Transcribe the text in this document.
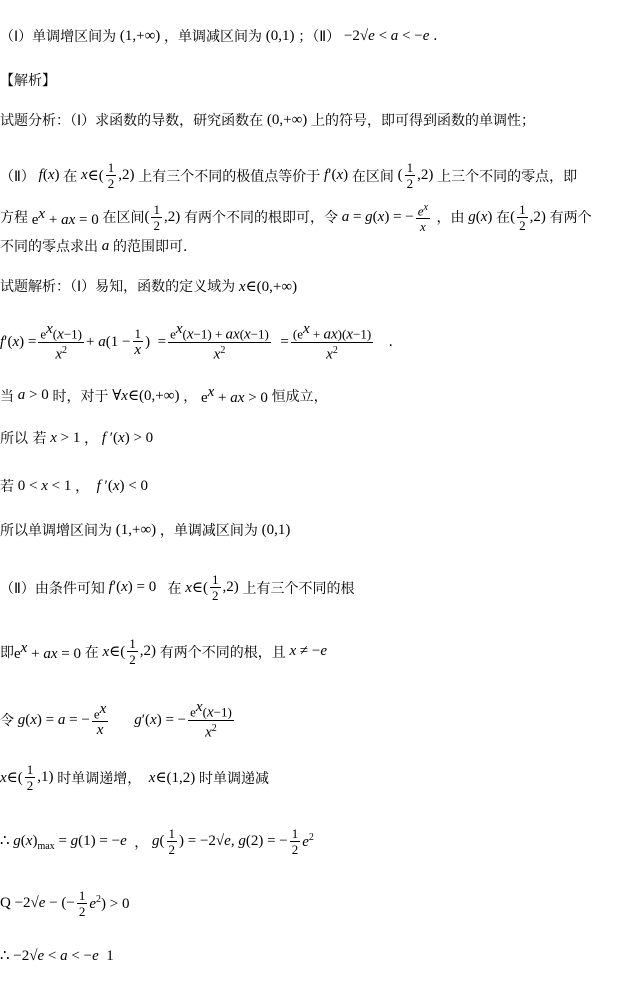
（Ⅰ）单调增区间为 (1,+∞) ，单调减区间为 (0,1) ；（Ⅱ） −2√e < a < −e .
【解析】
试题分析：（Ⅰ）求函数的导数，研究函数在 (0,+∞) 上的符号，即可得到函数的单调性；
（Ⅱ） f ( x ) 在 x ∈( $\frac{1}{2} ,2$) 上有三个不同的极值点等价于 f ′( x ) 在区间 ( $\frac{1}{2} ,2$) 上三个不同的零点，即
方程 $e^x$ + ax = 0 在区间 ( $\frac{1}{2} ,2$) 有两个不同的根即可，令 a = g(x) = − $\frac{e^x}{x}$ ，由 g(x) 在 ( $\frac{1}{2} ,2$) 有两个
不同的零点求出 a 的范围即可.
试题解析：（Ⅰ）易知，函数的定义域为 x∈(0,+∞)
f ′( x ) = $\frac{e^x(x-1)}{x^2} + a(1 - \frac{1}{x}$ )  = $\frac{e^x(x-1) + ax(x-1)}{x^2} = \frac{(e^x + ax)(x-1)}{x^2}$ .
当 a > 0 时，对于 ∀x∈(0,+∞) ， $e^x$ + ax > 0 恒成立，
所以 若 x > 1 ， f ′(x) > 0
若 0 < x < 1 ， f ′(x) < 0
所以单调增区间为 (1,+∞) ，单调减区间为 (0,1)
（Ⅱ）由条件可知 f ′( x ) = 0 在 x∈( $\frac{1}{2} ,2$) 上有三个不同的根
即 $e^x$ + ax = 0 在 x∈( $\frac{1}{2} ,2$) 有两个不同的根，且 x ≠ −e
令 g(x) = a = − $\frac{e^x}{x} g'(x)$ = − $\frac{e^x(x-1)}{x^2}$
x∈( $\frac{1}{2} ,1$) 时单调递增， x∈(1,2) 时单调递减
∴ $g(x)_{max} = g(1) = -e$ ， $g( \frac{1}{2}$ ) = −2√e, g(2) = − $\frac{1}{2} e^2$
Q −2√e − (− $\frac{1}{2} e^2) > 0$
∴ −2√e < a < −e  1
